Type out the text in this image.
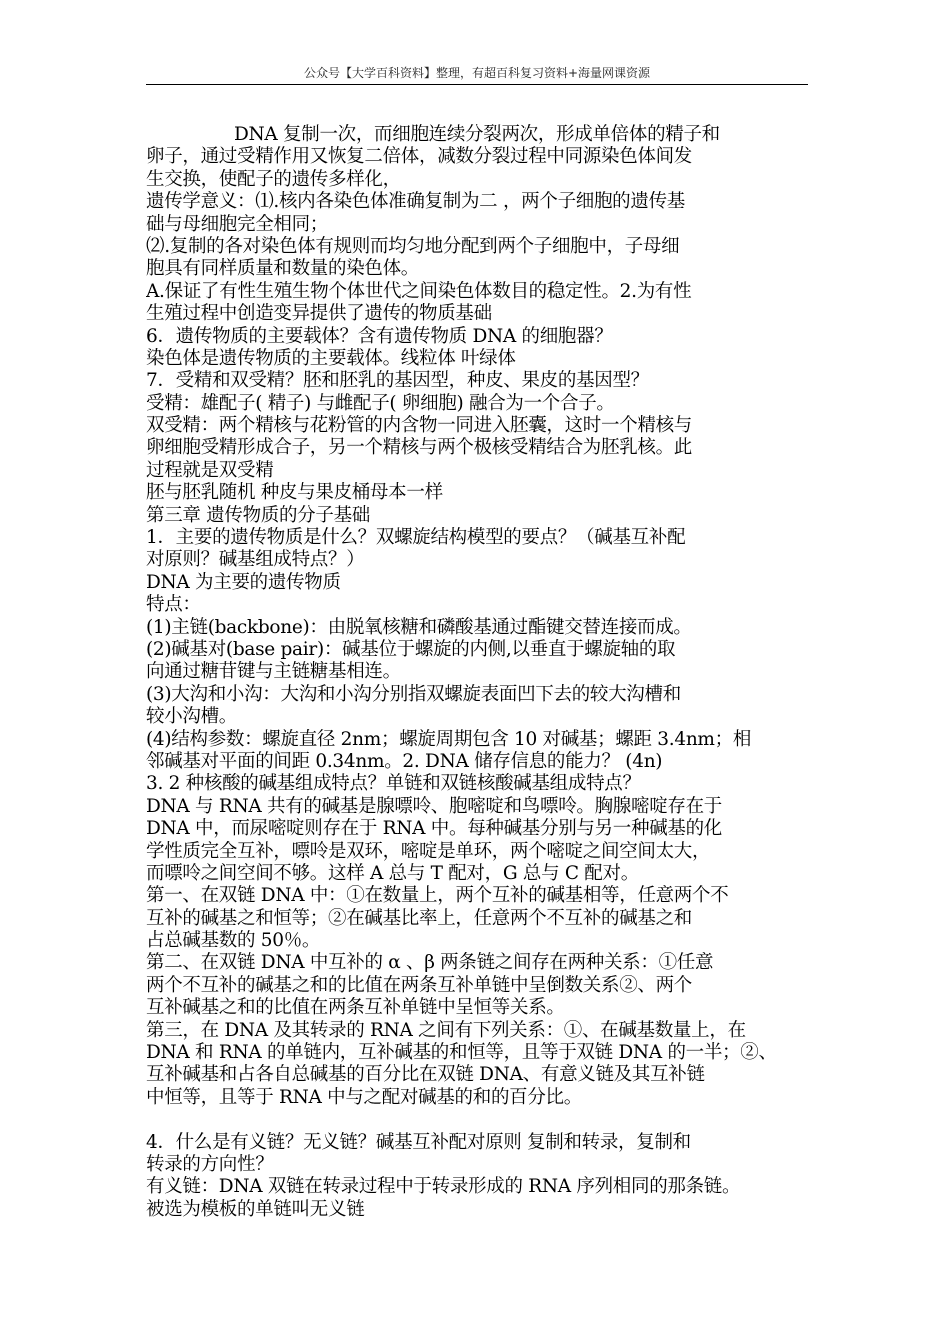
公众号【大学百科资料】整理，有超百科复习资料+海量网课资源
DNA 复制一次，而细胞连续分裂两次，形成单倍体的精子和
卵子，通过受精作用又恢复二倍体，减数分裂过程中同源染色体间发
生交换，使配子的遗传多样化，
遗传学意义：⑴.核内各染色体准确复制为二 ，两个子细胞的遗传基
础与母细胞完全相同；
⑵.复制的各对染色体有规则而均匀地分配到两个子细胞中，子母细
胞具有同样质量和数量的染色体。
A.保证了有性生殖生物个体世代之间染色体数目的稳定性。2.为有性
生殖过程中创造变异提供了遗传的物质基础
6．遗传物质的主要载体？含有遗传物质 DNA 的细胞器？
染色体是遗传物质的主要载体。线粒体 叶绿体
7．受精和双受精？胚和胚乳的基因型，种皮、果皮的基因型？
受精：雄配子( 精子) 与雌配子( 卵细胞) 融合为一个合子。
双受精：两个精核与花粉管的内含物一同进入胚囊，这时一个精核与
卵细胞受精形成合子，另一个精核与两个极核受精结合为胚乳核。此
过程就是双受精
胚与胚乳随机 种皮与果皮桶母本一样
第三章 遗传物质的分子基础
1．主要的遗传物质是什么？双螺旋结构模型的要点？（碱基互补配
对原则？碱基组成特点？）
DNA 为主要的遗传物质
特点：
(1)主链(backbone)：由脱氧核糖和磷酸基通过酯键交替连接而成。
(2)碱基对(base pair)：碱基位于螺旋的内侧,以垂直于螺旋轴的取
向通过糖苷键与主链糖基相连。
(3)大沟和小沟：大沟和小沟分别指双螺旋表面凹下去的较大沟槽和
较小沟槽。
(4)结构参数：螺旋直径 2nm；螺旋周期包含 10 对碱基；螺距 3.4nm；相
邻碱基对平面的间距 0.34nm。2. DNA 储存信息的能力？ (4n)
3. 2 种核酸的碱基组成特点？单链和双链核酸碱基组成特点？
DNA 与 RNA 共有的碱基是腺嘌呤、胞嘧啶和鸟嘌呤。胸腺嘧啶存在于
DNA 中，而尿嘧啶则存在于 RNA 中。每种碱基分别与另一种碱基的化
学性质完全互补，嘌呤是双环，嘧啶是单环，两个嘧啶之间空间太大，
而嘌呤之间空间不够。这样 A 总与 T 配对，G 总与 C 配对。
第一、在双链 DNA 中：①在数量上，两个互补的碱基相等，任意两个不
互补的碱基之和恒等；②在碱基比率上，任意两个不互补的碱基之和
占总碱基数的 50％。
第二、在双链 DNA 中互补的 α 、β 两条链之间存在两种关系：①任意
两个不互补的碱基之和的比值在两条互补单链中呈倒数关系②、两个
互补碱基之和的比值在两条互补单链中呈恒等关系。
第三，在 DNA 及其转录的 RNA 之间有下列关系：①、在碱基数量上，在
DNA 和 RNA 的单链内，互补碱基的和恒等，且等于双链 DNA 的一半；②、
互补碱基和占各自总碱基的百分比在双链 DNA、有意义链及其互补链
中恒等，且等于 RNA 中与之配对碱基的和的百分比。
4．什么是有义链？无义链？碱基互补配对原则 复制和转录，复制和
转录的方向性？
有义链：DNA 双链在转录过程中于转录形成的 RNA 序列相同的那条链。
被选为模板的单链叫无义链
